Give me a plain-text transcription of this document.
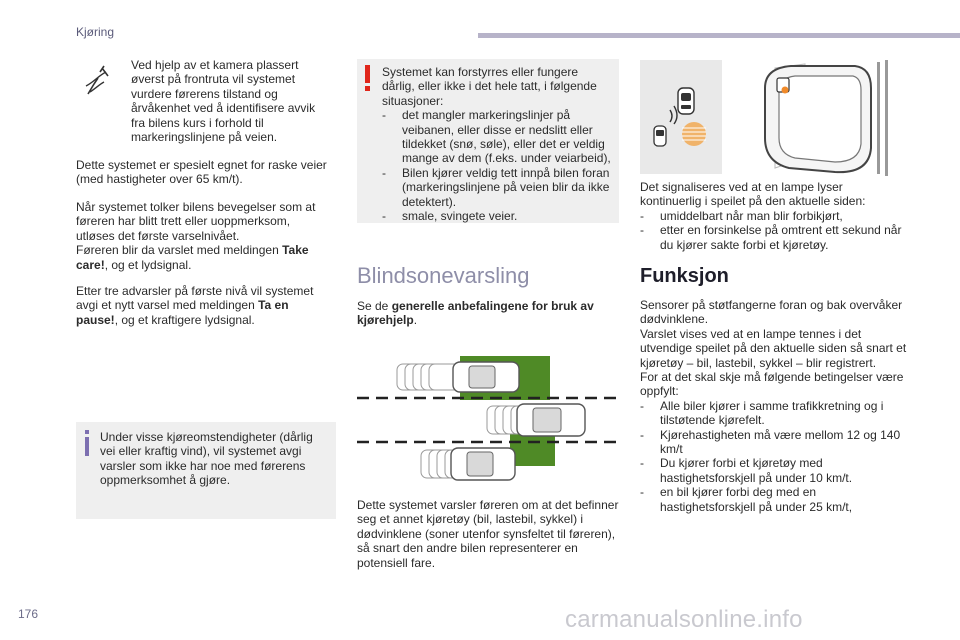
Kjøring
Ved hjelp av et kamera plassert øverst på frontruta vil systemet vurdere førerens tilstand og årvåkenhet ved å identifisere avvik fra bilens kurs i forhold til markeringslinjene på veien.
Dette systemet er spesielt egnet for raske veier (med hastigheter over 65 km/t).

Når systemet tolker bilens bevegelser som at føreren har blitt trett eller uoppmerksom, utløses det første varselnivået.

Føreren blir da varslet med meldingen Take care!, og et lydsignal.

Etter tre advarsler på første nivå vil systemet avgi et nytt varsel med meldingen Ta en pause!, og et kraftigere lydsignal.
Under visse kjøreomstendigheter (dårlig vei eller kraftig vind), vil systemet avgi varsler som ikke har noe med førerens oppmerksomhet å gjøre.

Systemet kan forstyrres eller fungere dårlig, eller ikke i det hele tatt, i følgende situasjoner:

- det mangler markeringslinjer på veibanen, eller disse er nedslitt eller tildekket (snø, søle), eller det er veldig mange av dem (f.eks. under veiarbeid),
- Bilen kjører veldig tett innpå bilen foran (markeringslinjene på veien blir da ikke detektert).
- smale, svingete veier.
Blindsonevarsling
Se de generelle anbefalingene for bruk av kjørehjelp.
Dette systemet varsler føreren om at det befinner seg et annet kjøretøy (bil, lastebil, sykkel) i dødvinklene (soner utenfor synsfeltet til føreren), så snart den andre bilen representerer en potensiell fare.

Det signaliseres ved at en lampe lyser kontinuerlig i speilet på den aktuelle siden:

- umiddelbart når man blir forbikjørt,
- etter en forsinkelse på omtrent ett sekund når du kjører sakte forbi et kjøretøy.
Funksjon

Sensorer på støtfangerne foran og bak overvåker dødvinklene.

Varslet vises ved at en lampe tennes i det utvendige speilet på den aktuelle siden så snart et kjøretøy – bil, lastebil, sykkel – blir registrert.

For at det skal skje må følgende betingelser være oppfylt:

- Alle biler kjører i samme trafikkretning og i tilstøtende kjørefelt.
- Kjørehastigheten må være mellom 12 og 140 km/t
- Du kjører forbi et kjøretøy med hastighetsforskjell på under 10 km/t.
- en bil kjører forbi deg med en hastighetsforskjell på under 25 km/t,
176	carmanualsonline.info
